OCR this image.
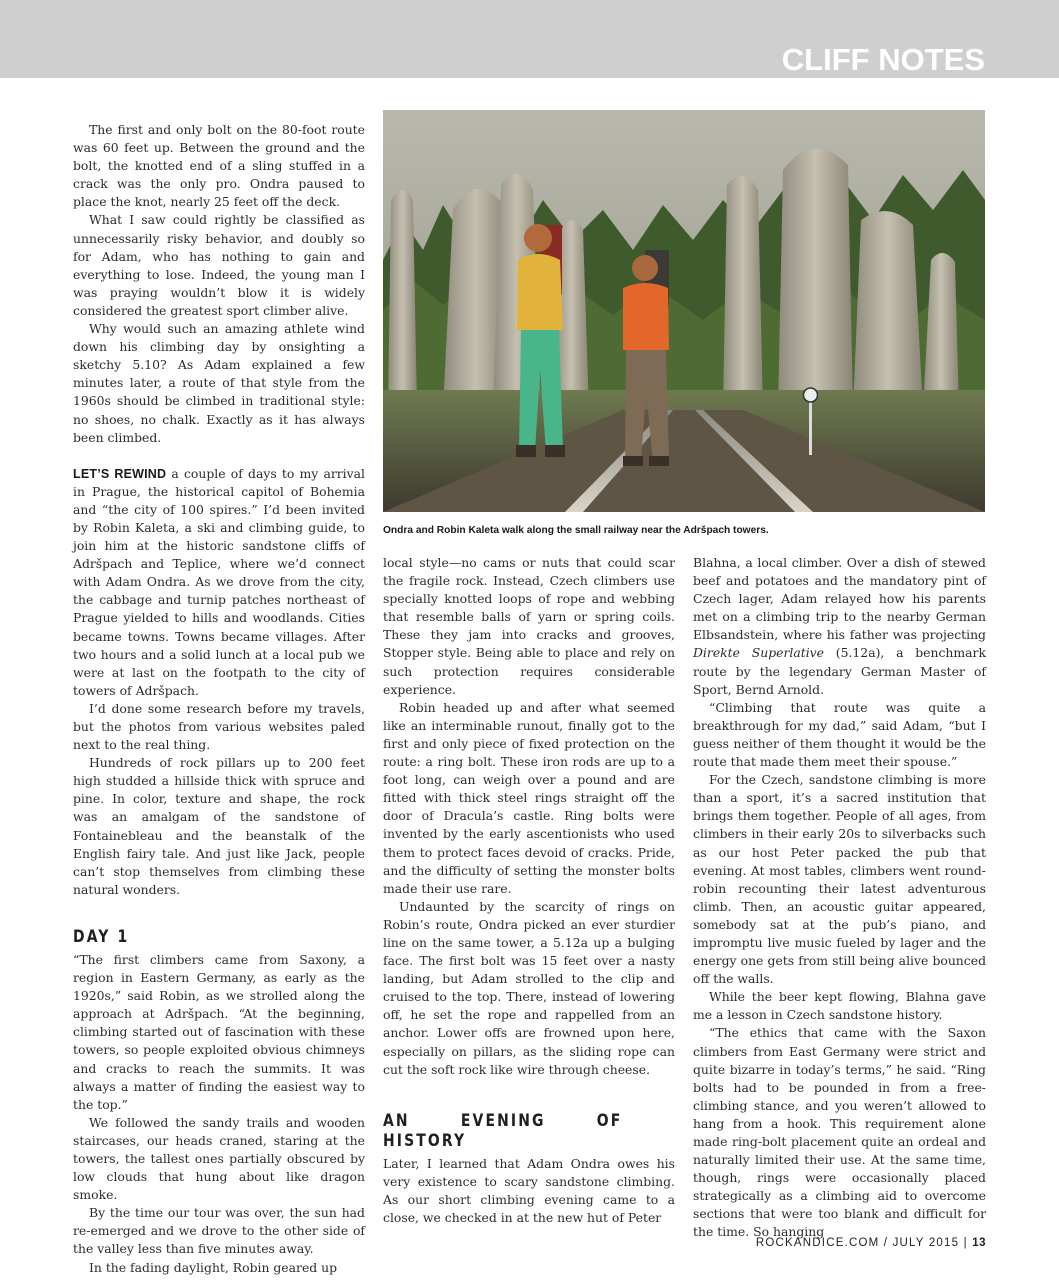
CLIFF NOTES

The first and only bolt on the 80-foot route was 60 feet up. Between the ground and the bolt, the knotted end of a sling stuffed in a crack was the only pro. Ondra paused to place the knot, nearly 25 feet off the deck.

What I saw could rightly be classified as unnecessarily risky behavior, and doubly so for Adam, who has nothing to gain and everything to lose. Indeed, the young man I was praying wouldn’t blow it is widely considered the greatest sport climber alive.

Why would such an amazing athlete wind down his climbing day by onsighting a sketchy 5.10? As Adam explained a few minutes later, a route of that style from the 1960s should be climbed in traditional style: no shoes, no chalk. Exactly as it has always been climbed.

LET’S REWIND a couple of days to my arrival in Prague, the historical capitol of Bohemia and “the city of 100 spires.” I’d been invited by Robin Kaleta, a ski and climbing guide, to join him at the historic sandstone cliffs of Adršpach and Teplice, where we’d connect with Adam Ondra. As we drove from the city, the cabbage and turnip patches northeast of Prague yielded to hills and woodlands. Cities became towns. Towns became villages. After two hours and a solid lunch at a local pub we were at last on the footpath to the city of towers of Adršpach.

I’d done some research before my travels, but the photos from various websites paled next to the real thing.

Hundreds of rock pillars up to 200 feet high studded a hillside thick with spruce and pine. In color, texture and shape, the rock was an amalgam of the sandstone of Fontainebleau and the beanstalk of the English fairy tale. And just like Jack, people can’t stop themselves from climbing these natural wonders.

DAY 1

“The first climbers came from Saxony, a region in Eastern Germany, as early as the 1920s,” said Robin, as we strolled along the approach at Adršpach. “At the beginning, climbing started out of fascination with these towers, so people exploited obvious chimneys and cracks to reach the summits. It was always a matter of finding the easiest way to the top.”

We followed the sandy trails and wooden staircases, our heads craned, staring at the towers, the tallest ones partially obscured by low clouds that hung about like dragon smoke.

By the time our tour was over, the sun had re-emerged and we drove to the other side of the valley less than five minutes away.

In the fading daylight, Robin geared up

Ondra and Robin Kaleta walk along the small railway near the Adršpach towers.

local style—no cams or nuts that could scar the fragile rock. Instead, Czech climbers use specially knotted loops of rope and webbing that resemble balls of yarn or spring coils. These they jam into cracks and grooves, Stopper style. Being able to place and rely on such protection requires considerable experience.

Robin headed up and after what seemed like an interminable runout, finally got to the first and only piece of fixed protection on the route: a ring bolt. These iron rods are up to a foot long, can weigh over a pound and are fitted with thick steel rings straight off the door of Dracula’s castle. Ring bolts were invented by the early ascentionists who used them to protect faces devoid of cracks. Pride, and the difficulty of setting the monster bolts made their use rare.

Undaunted by the scarcity of rings on Robin’s route, Ondra picked an ever sturdier line on the same tower, a 5.12a up a bulging face. The first bolt was 15 feet over a nasty landing, but Adam strolled to the clip and cruised to the top. There, instead of lowering off, he set the rope and rappelled from an anchor. Lower offs are frowned upon here, especially on pillars, as the sliding rope can cut the soft rock like wire through cheese.

AN EVENING OF HISTORY

Later, I learned that Adam Ondra owes his very existence to scary sandstone climbing. As our short climbing evening came to a close, we checked in at the new hut of Peter

Blahna, a local climber. Over a dish of stewed beef and potatoes and the mandatory pint of Czech lager, Adam relayed how his parents met on a climbing trip to the nearby German Elbsandstein, where his father was projecting Direkte Superlative (5.12a), a benchmark route by the legendary German Master of Sport, Bernd Arnold.

“Climbing that route was quite a breakthrough for my dad,” said Adam, “but I guess neither of them thought it would be the route that made them meet their spouse.”

For the Czech, sandstone climbing is more than a sport, it’s a sacred institution that brings them together. People of all ages, from climbers in their early 20s to silverbacks such as our host Peter packed the pub that evening. At most tables, climbers went round-robin recounting their latest adventurous climb. Then, an acoustic guitar appeared, somebody sat at the pub’s piano, and impromptu live music fueled by lager and the energy one gets from still being alive bounced off the walls.

While the beer kept flowing, Blahna gave me a lesson in Czech sandstone history.

“The ethics that came with the Saxon climbers from East Germany were strict and quite bizarre in today’s terms,” he said. “Ring bolts had to be pounded in from a free-climbing stance, and you weren’t allowed to hang from a hook. This requirement alone made ring-bolt placement quite an ordeal and naturally limited their use. At the same time, though, rings were occasionally placed strategically as a climbing aid to overcome sections that were too blank and difficult for the time. So hanging

ROCKANDICE.COM / JULY 2015 | 13
